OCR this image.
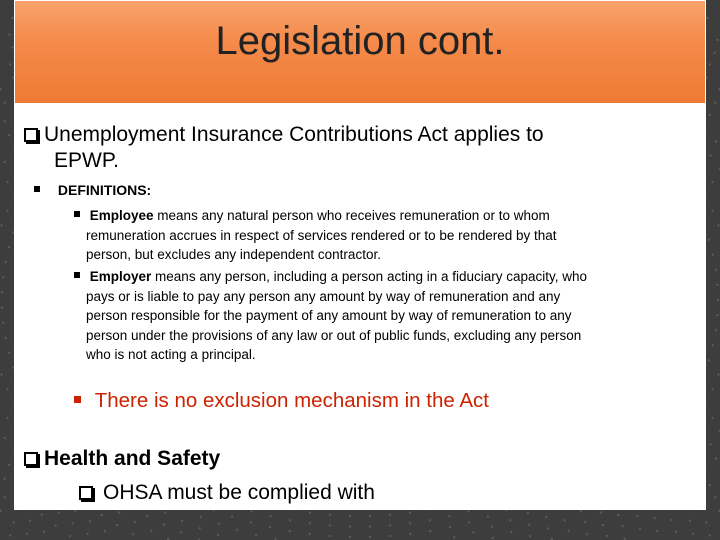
Legislation cont.
Unemployment Insurance Contributions Act applies to
EPWP.
DEFINITIONS:
Employee means any natural person who receives remuneration or to whom
remuneration accrues in respect of services rendered or to be rendered by that
person, but excludes any independent contractor.
Employer means any person, including a person acting in a fiduciary capacity, who
pays or is liable to pay any person any amount by way of remuneration and any
person responsible for the payment of any amount by way of remuneration to any
person under the provisions of any law or out of public funds, excluding any person
who is not acting a principal.
There is no exclusion mechanism in the Act
Health and Safety
OHSA must be complied with
